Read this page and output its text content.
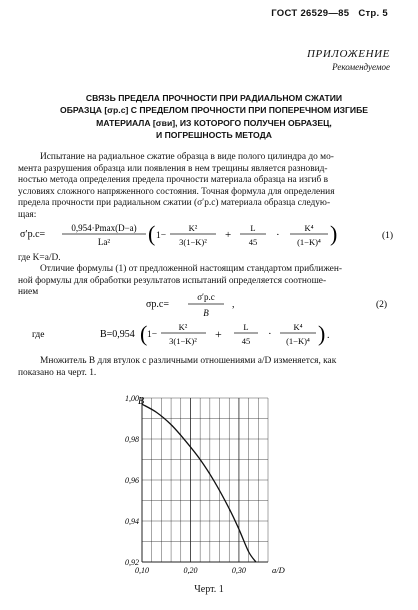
ГОСТ 26529—85 Стр. 5
ПРИЛОЖЕНИЕ
Рекомендуемое
СВЯЗЬ ПРЕДЕЛА ПРОЧНОСТИ ПРИ РАДИАЛЬНОМ СЖАТИИ
ОБРАЗЦА [σр.с] С ПРЕДЕЛОМ ПРОЧНОСТИ ПРИ ПОПЕРЕЧНОМ ИЗГИБЕ
МАТЕРИАЛА [σви], ИЗ КОТОРОГО ПОЛУЧЕН ОБРАЗЕЦ,
И ПОГРЕШНОСТЬ МЕТОДА
Испытание на радиальное сжатие образца в виде полого цилиндра до мо-
мента разрушения образца или появления в нем трещины является разновид-
ностью метода определения предела прочности материала образца на изгиб в
условиях сложного напряженного состояния. Точная формула для определения
предела прочности при радиальном сжатии (σ′р.с) материала образца следую-
щая:
σ′р.с=
0,954·Pmax(D−a)
La² ( 1−
K²
3(1−K)²
+
L
45
·
K⁴
(1−K)⁴ )	(1)
где K=a/D.
Отличие формулы (1) от предложенной настоящим стандартом приближен-
ной формулы для обработки результатов испытаний определяется соотноше-
нием
σр.с=
σ′р.с
B
,	(2)
где	B=0,954 ( 1−
K²
3(1−K)² +	L
45
·
K⁴
(1−K)⁴ ) .
Множитель B для втулок с различными отношениями a/D изменяется, как
показано на черт. 1.
1,00
0,98
0,96
0,94
0,92
0,10	0,20	0,30
B
a/D
Черт. 1
